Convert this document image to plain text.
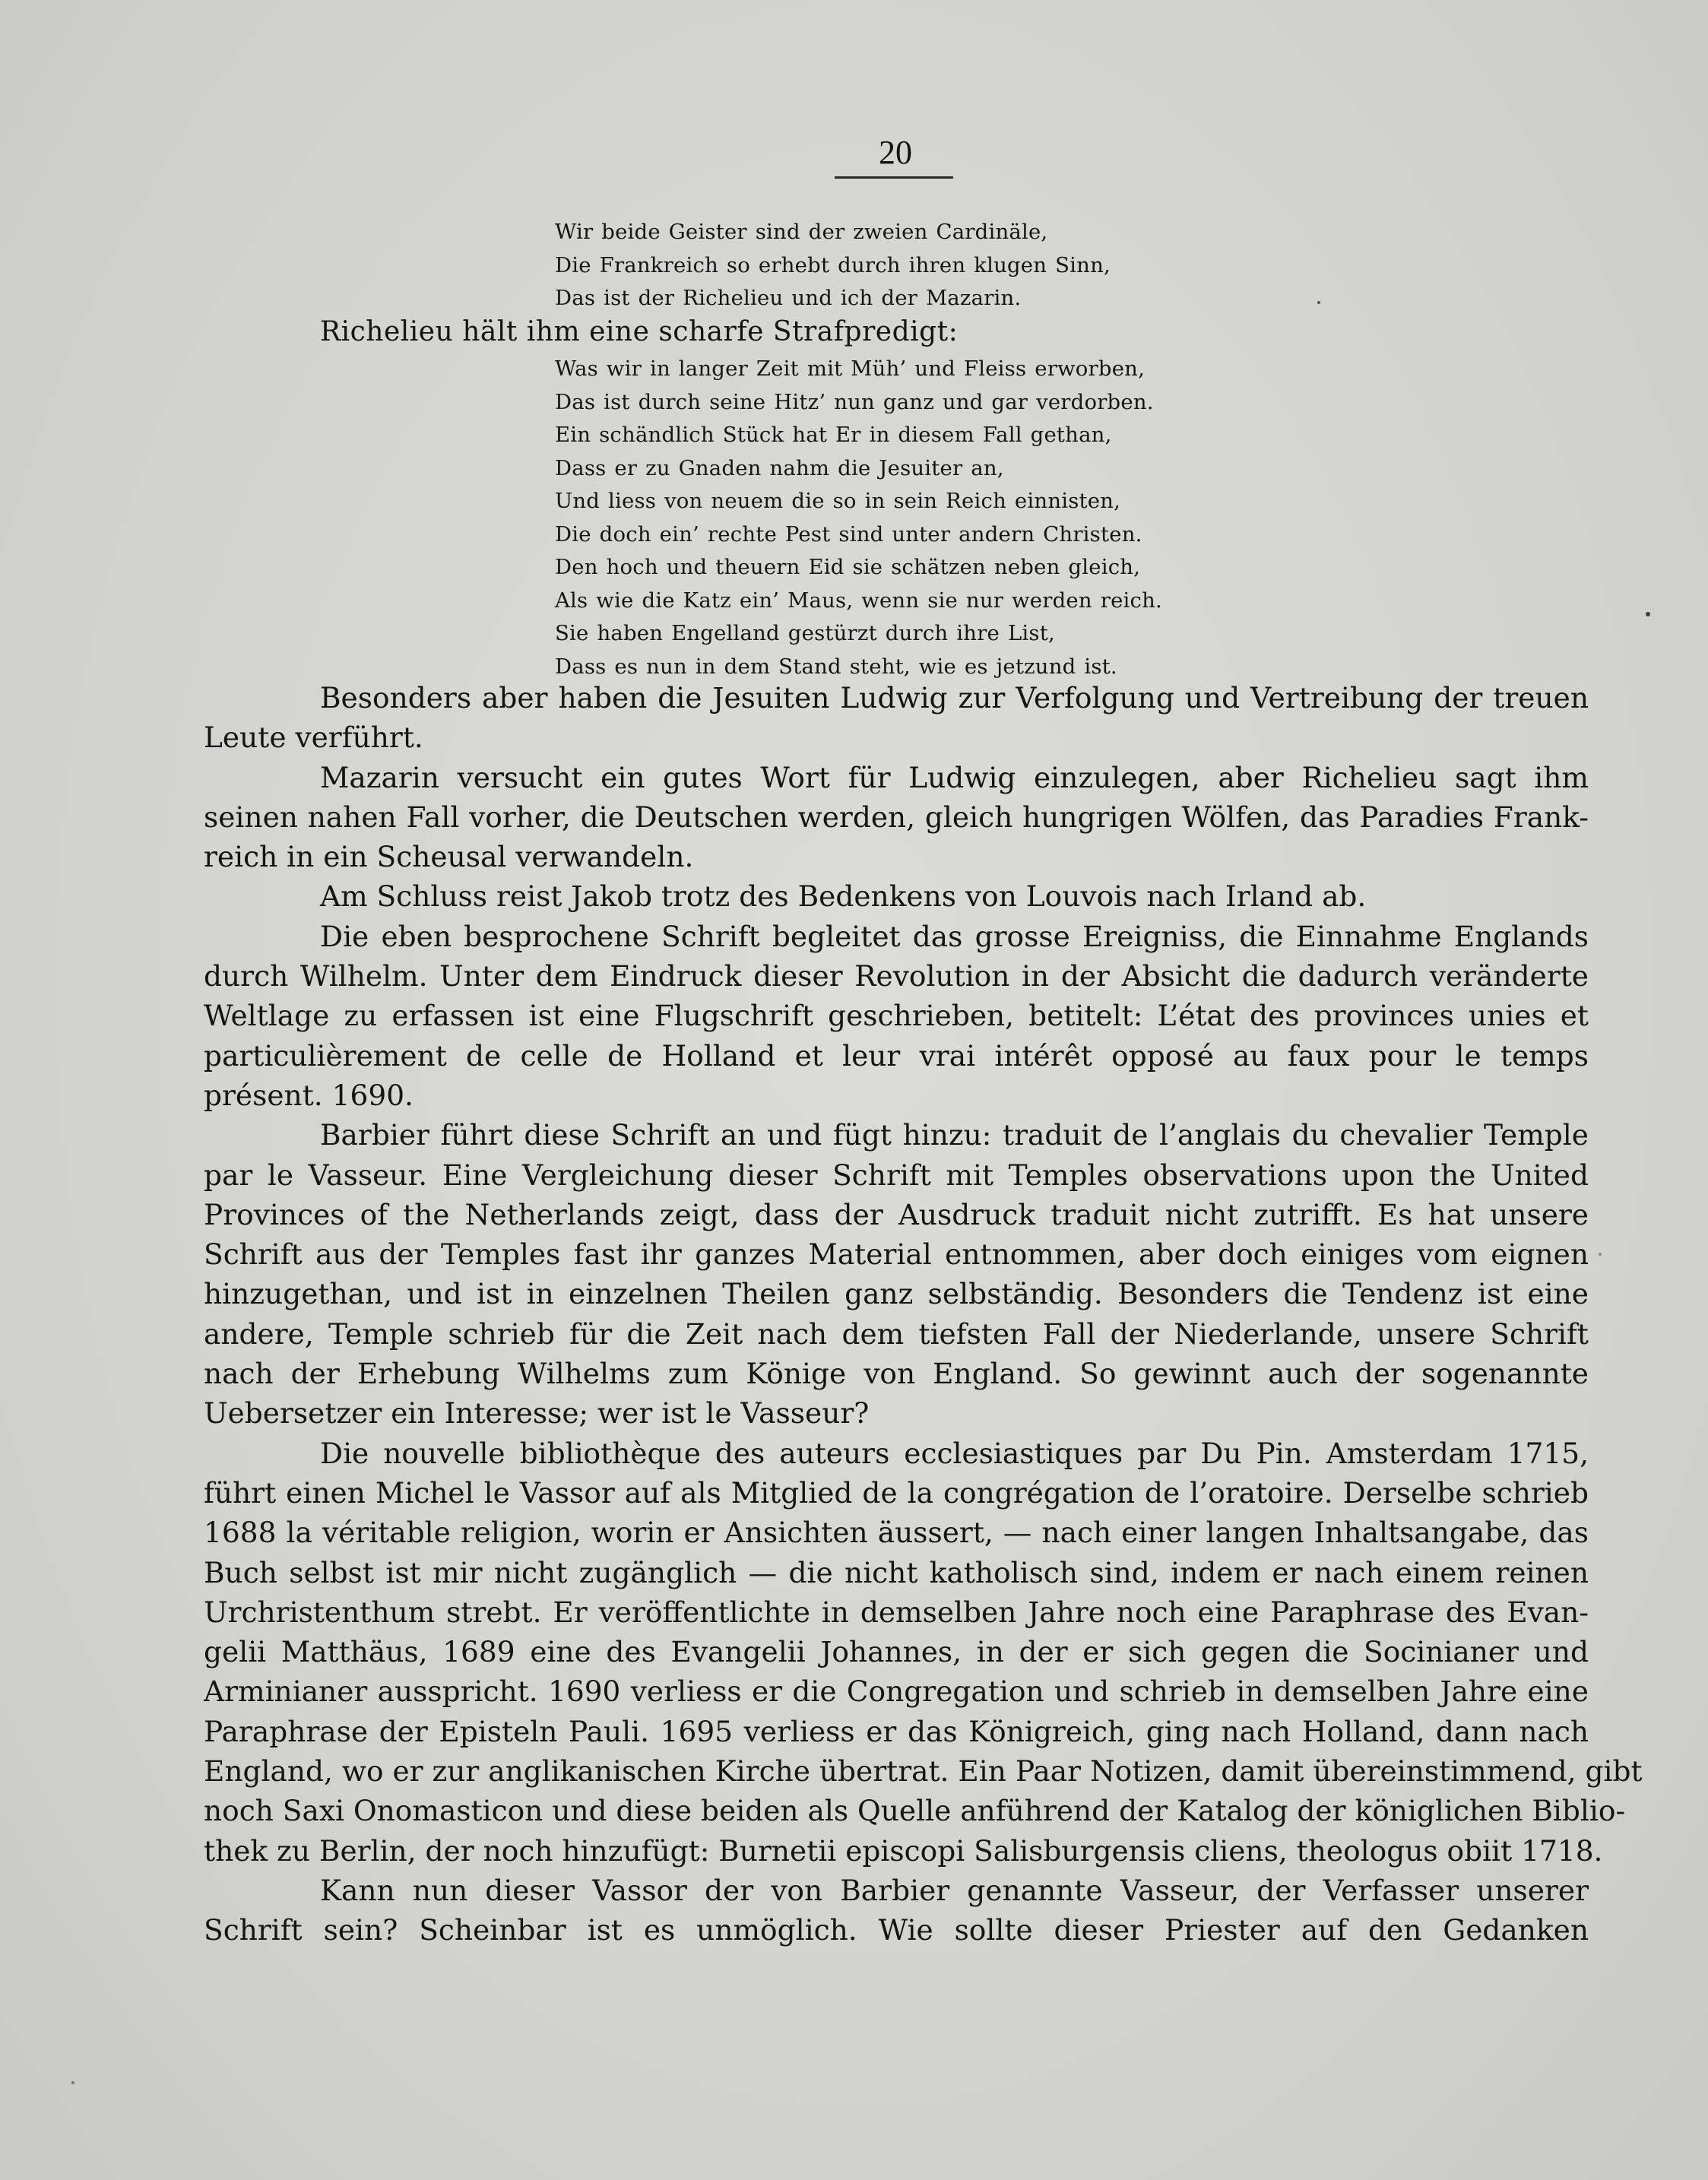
20
Wir beide Geister sind der zweien Cardinäle,
Die Frankreich so erhebt durch ihren klugen Sinn,
Das ist der Richelieu und ich der Mazarin.
Richelieu hält ihm eine scharfe Strafpredigt:
Was wir in langer Zeit mit Müh’ und Fleiss erworben,
Das ist durch seine Hitz’ nun ganz und gar verdorben.
Ein schändlich Stück hat Er in diesem Fall gethan,
Dass er zu Gnaden nahm die Jesuiter an,
Und liess von neuem die so in sein Reich einnisten,
Die doch ein’ rechte Pest sind unter andern Christen.
Den hoch und theuern Eid sie schätzen neben gleich,
Als wie die Katz ein’ Maus, wenn sie nur werden reich.
Sie haben Engelland gestürzt durch ihre List,
Dass es nun in dem Stand steht, wie es jetzund ist.
Besonders aber haben die Jesuiten Ludwig zur Verfolgung und Vertreibung der treuen
Leute verführt.
Mazarin versucht ein gutes Wort für Ludwig einzulegen, aber Richelieu sagt ihm
seinen nahen Fall vorher, die Deutschen werden, gleich hungrigen Wölfen, das Paradies Frank-
reich in ein Scheusal verwandeln.
Am Schluss reist Jakob trotz des Bedenkens von Louvois nach Irland ab.
Die eben besprochene Schrift begleitet das grosse Ereigniss, die Einnahme Englands
durch Wilhelm. Unter dem Eindruck dieser Revolution in der Absicht die dadurch veränderte
Weltlage zu erfassen ist eine Flugschrift geschrieben, betitelt: L’état des provinces unies et
particulièrement de celle de Holland et leur vrai intérêt opposé au faux pour le temps
présent. 1690.
Barbier führt diese Schrift an und fügt hinzu: traduit de l’anglais du chevalier Temple
par le Vasseur. Eine Vergleichung dieser Schrift mit Temples observations upon the United
Provinces of the Netherlands zeigt, dass der Ausdruck traduit nicht zutrifft. Es hat unsere
Schrift aus der Temples fast ihr ganzes Material entnommen, aber doch einiges vom eignen
hinzugethan, und ist in einzelnen Theilen ganz selbständig. Besonders die Tendenz ist eine
andere, Temple schrieb für die Zeit nach dem tiefsten Fall der Niederlande, unsere Schrift
nach der Erhebung Wilhelms zum Könige von England. So gewinnt auch der sogenannte
Uebersetzer ein Interesse; wer ist le Vasseur?
Die nouvelle bibliothèque des auteurs ecclesiastiques par Du Pin. Amsterdam 1715,
führt einen Michel le Vassor auf als Mitglied de la congrégation de l’oratoire. Derselbe schrieb
1688 la véritable religion, worin er Ansichten äussert, — nach einer langen Inhaltsangabe, das
Buch selbst ist mir nicht zugänglich — die nicht katholisch sind, indem er nach einem reinen
Urchristenthum strebt. Er veröffentlichte in demselben Jahre noch eine Paraphrase des Evan-
gelii Matthäus, 1689 eine des Evangelii Johannes, in der er sich gegen die Socinianer und
Arminianer ausspricht. 1690 verliess er die Congregation und schrieb in demselben Jahre eine
Paraphrase der Episteln Pauli. 1695 verliess er das Königreich, ging nach Holland, dann nach
England, wo er zur anglikanischen Kirche übertrat. Ein Paar Notizen, damit übereinstimmend, gibt
noch Saxi Onomasticon und diese beiden als Quelle anführend der Katalog der königlichen Biblio-
thek zu Berlin, der noch hinzufügt: Burnetii episcopi Salisburgensis cliens, theologus obiit 1718.
Kann nun dieser Vassor der von Barbier genannte Vasseur, der Verfasser unserer
Schrift sein? Scheinbar ist es unmöglich. Wie sollte dieser Priester auf den Gedanken
